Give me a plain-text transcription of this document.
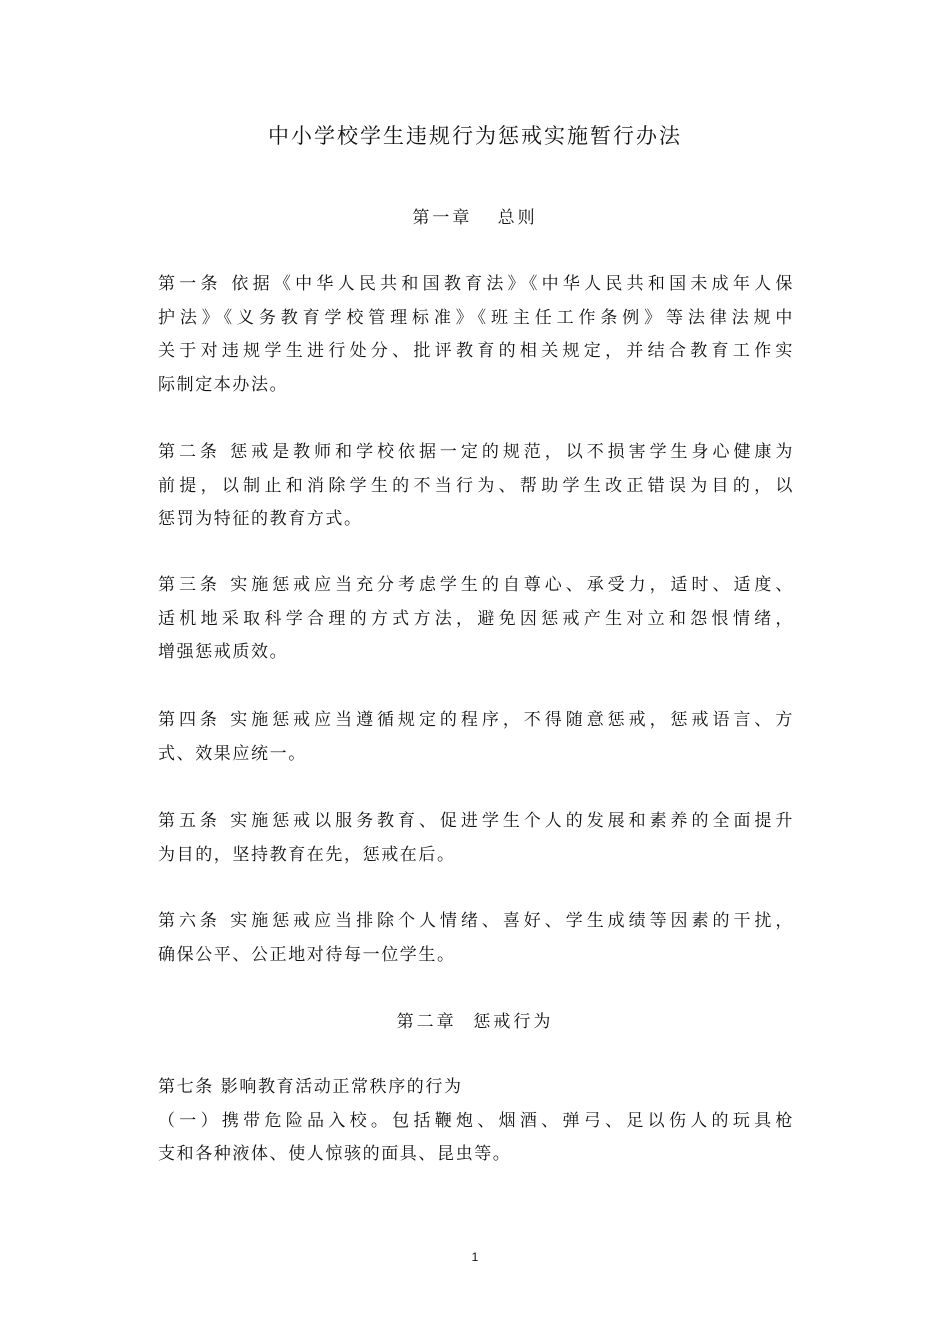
中小学校学生违规行为惩戒实施暂行办法
第一章   总则
第一条 依据《中华人民共和国教育法》《中华人民共和国未成年人保
护法》《义务教育学校管理标准》《班主任工作条例》等法律法规中
关于对违规学生进行处分、批评教育的相关规定，并结合教育工作实
际制定本办法。
第二条 惩戒是教师和学校依据一定的规范，以不损害学生身心健康为
前提，以制止和消除学生的不当行为、帮助学生改正错误为目的，以
惩罚为特征的教育方式。
第三条 实施惩戒应当充分考虑学生的自尊心、承受力，适时、适度、
适机地采取科学合理的方式方法，避免因惩戒产生对立和怨恨情绪，
增强惩戒质效。
第四条 实施惩戒应当遵循规定的程序，不得随意惩戒，惩戒语言、方
式、效果应统一。
第五条 实施惩戒以服务教育、促进学生个人的发展和素养的全面提升
为目的，坚持教育在先，惩戒在后。
第六条 实施惩戒应当排除个人情绪、喜好、学生成绩等因素的干扰，
确保公平、公正地对待每一位学生。
第二章  惩戒行为
第七条 影响教育活动正常秩序的行为
（一）携带危险品入校。包括鞭炮、烟酒、弹弓、足以伤人的玩具枪
支和各种液体、使人惊骇的面具、昆虫等。
1
